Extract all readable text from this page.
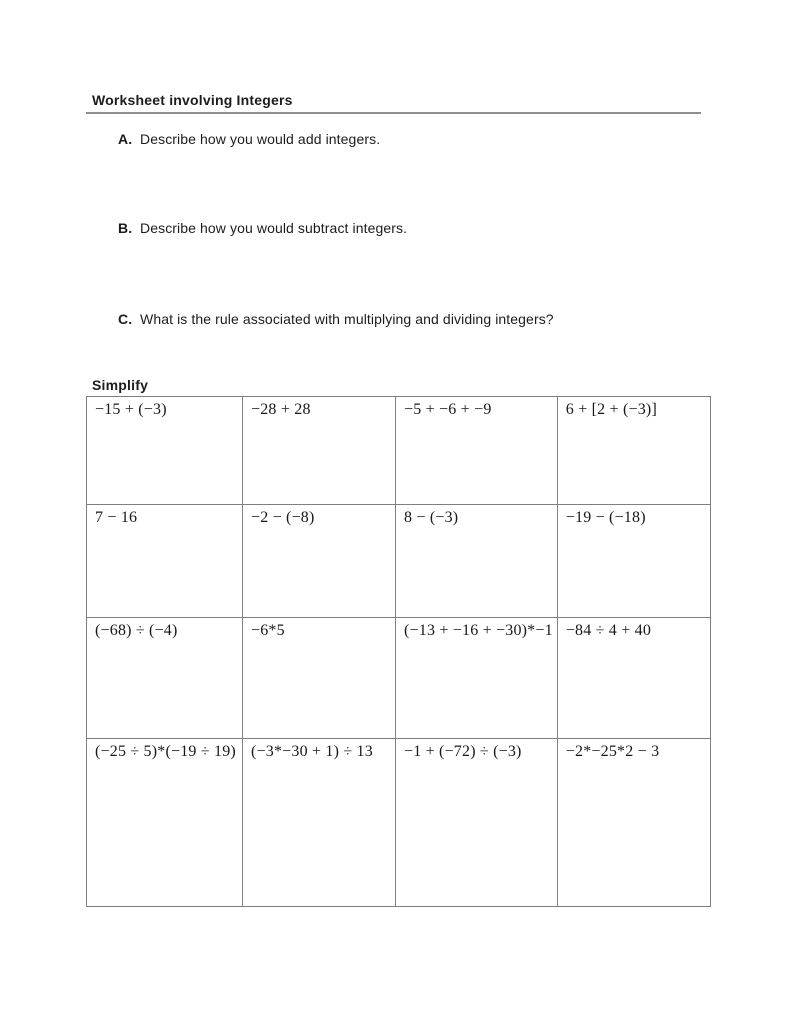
Worksheet involving Integers
A. Describe how you would add integers.
B. Describe how you would subtract integers.
C. What is the rule associated with multiplying and dividing integers?
Simplify
−15 + (−3)	−28 + 28	−5 + −6 + −9	6 + [2 + (−3)]
7 − 16	−2 − (−8)	8 − (−3)	−19 − (−18)
(−68) ÷ (−4)	−6*5	(−13 + −16 + −30)*−1	−84 ÷ 4 + 40
(−25 ÷ 5)*(−19 ÷ 19)	(−3*−30 + 1) ÷ 13	−1 + (−72) ÷ (−3)	−2*−25*2 − 3
